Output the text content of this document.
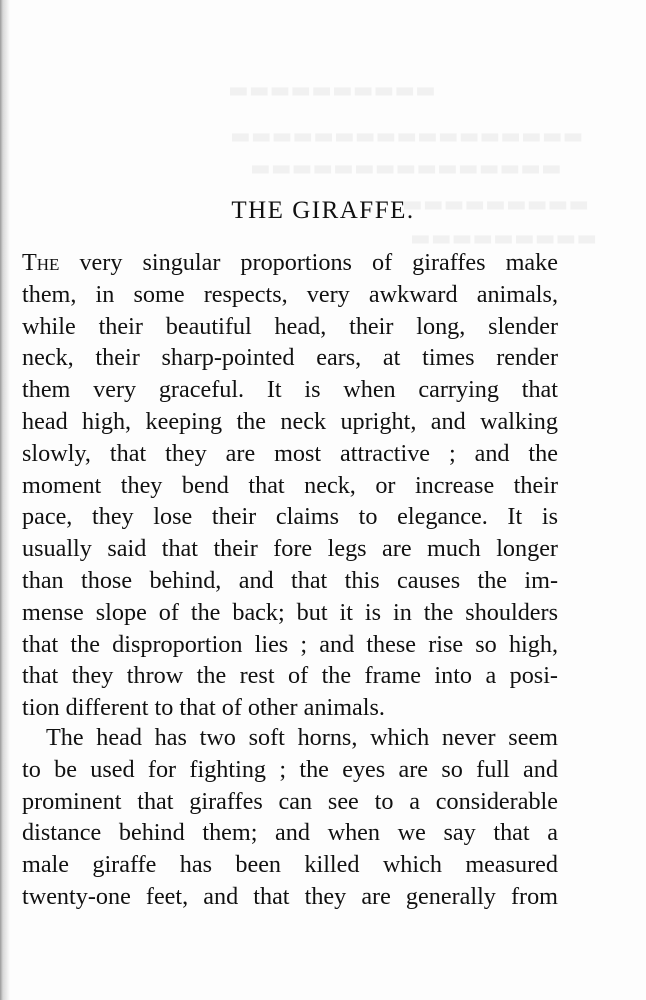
THE GIRAFFE.
The very singular proportions of giraffes make
them, in some respects, very awkward animals,
while their beautiful head, their long, slender
neck, their sharp-pointed ears, at times render
them very graceful. It is when carrying that
head high, keeping the neck upright, and walking
slowly, that they are most attractive ; and the
moment they bend that neck, or increase their
pace, they lose their claims to elegance. It is
usually said that their fore legs are much longer
than those behind, and that this causes the im-
mense slope of the back; but it is in the shoulders
that the disproportion lies ; and these rise so high,
that they throw the rest of the frame into a posi-
tion different to that of other animals.
The head has two soft horns, which never seem
to be used for fighting ; the eyes are so full and
prominent that giraffes can see to a considerable
distance behind them; and when we say that a
male giraffe has been killed which measured
twenty-one feet, and that they are generally from
